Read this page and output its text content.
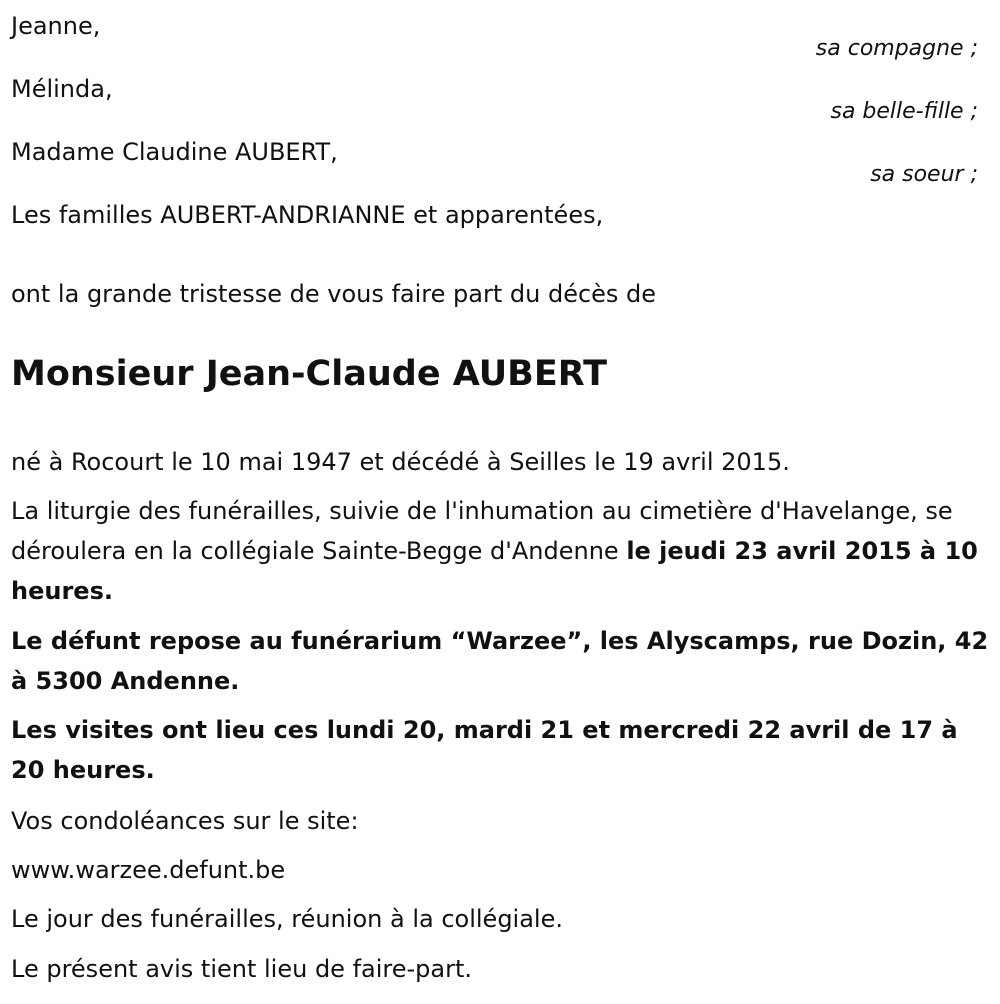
Jeanne,
sa compagne ;
Mélinda,
sa belle-fille ;
Madame Claudine AUBERT,
sa soeur ;
Les familles AUBERT-ANDRIANNE et apparentées,
ont la grande tristesse de vous faire part du décès de
Monsieur Jean-Claude AUBERT
né à Rocourt le 10 mai 1947 et décédé à Seilles le 19 avril 2015.
La liturgie des funérailles, suivie de l'inhumation au cimetière d'Havelange, se déroulera en la collégiale Sainte-Begge d'Andenne le jeudi 23 avril 2015 à 10 heures.
Le défunt repose au funérarium “Warzee”, les Alyscamps, rue Dozin, 42 à 5300 Andenne.
Les visites ont lieu ces lundi 20, mardi 21 et mercredi 22 avril de 17 à 20 heures.
Vos condoléances sur le site:
www.warzee.defunt.be
Le jour des funérailles, réunion à la collégiale.
Le présent avis tient lieu de faire-part.
